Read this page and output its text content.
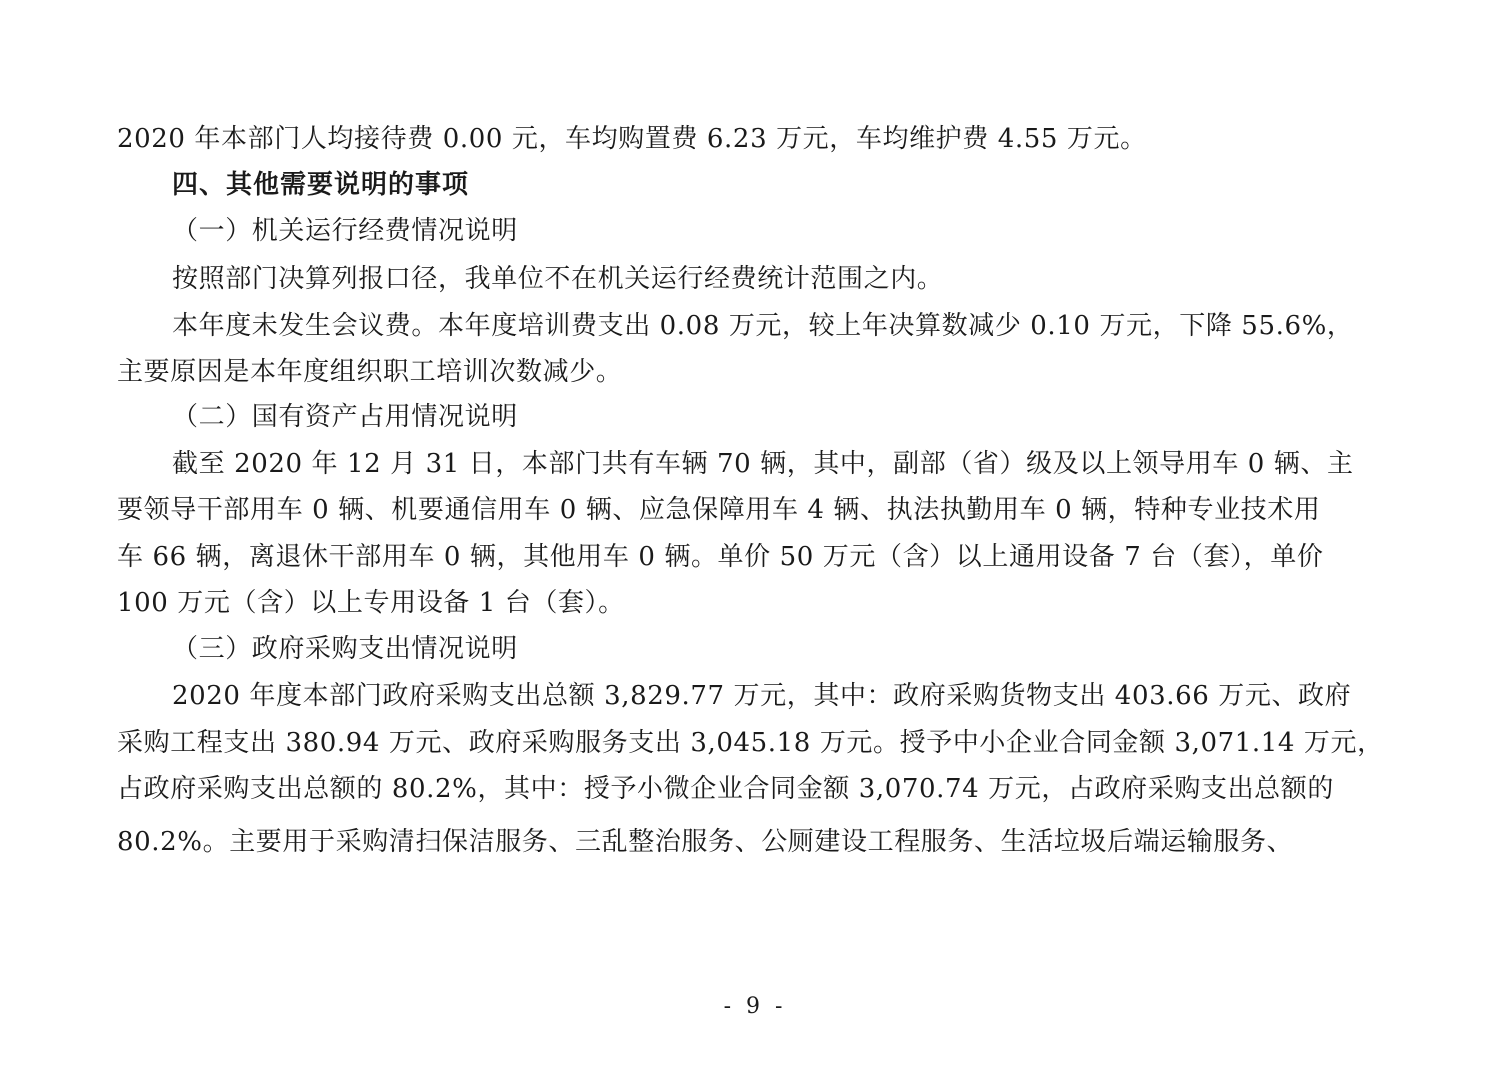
2020 年本部门人均接待费 0.00 元，车均购置费 6.23 万元，车均维护费 4.55 万元。
四、其他需要说明的事项
（一）机关运行经费情况说明
按照部门决算列报口径，我单位不在机关运行经费统计范围之内。
本年度未发生会议费。本年度培训费支出 0.08 万元，较上年决算数减少 0.10 万元，下降 55.6%，
主要原因是本年度组织职工培训次数减少。
（二）国有资产占用情况说明
截至 2020 年 12 月 31 日，本部门共有车辆 70 辆，其中，副部（省）级及以上领导用车 0 辆、主
要领导干部用车 0 辆、机要通信用车 0 辆、应急保障用车 4 辆、执法执勤用车 0 辆，特种专业技术用
车 66 辆，离退休干部用车 0 辆，其他用车 0 辆。单价 50 万元（含）以上通用设备 7 台（套），单价
100 万元（含）以上专用设备 1 台（套）。
（三）政府采购支出情况说明
2020 年度本部门政府采购支出总额 3,829.77 万元，其中：政府采购货物支出 403.66 万元、政府
采购工程支出 380.94 万元、政府采购服务支出 3,045.18 万元。授予中小企业合同金额 3,071.14 万元，
占政府采购支出总额的 80.2%，其中：授予小微企业合同金额 3,070.74 万元，占政府采购支出总额的
80.2%。主要用于采购清扫保洁服务、三乱整治服务、公厕建设工程服务、生活垃圾后端运输服务、
- 9 -
